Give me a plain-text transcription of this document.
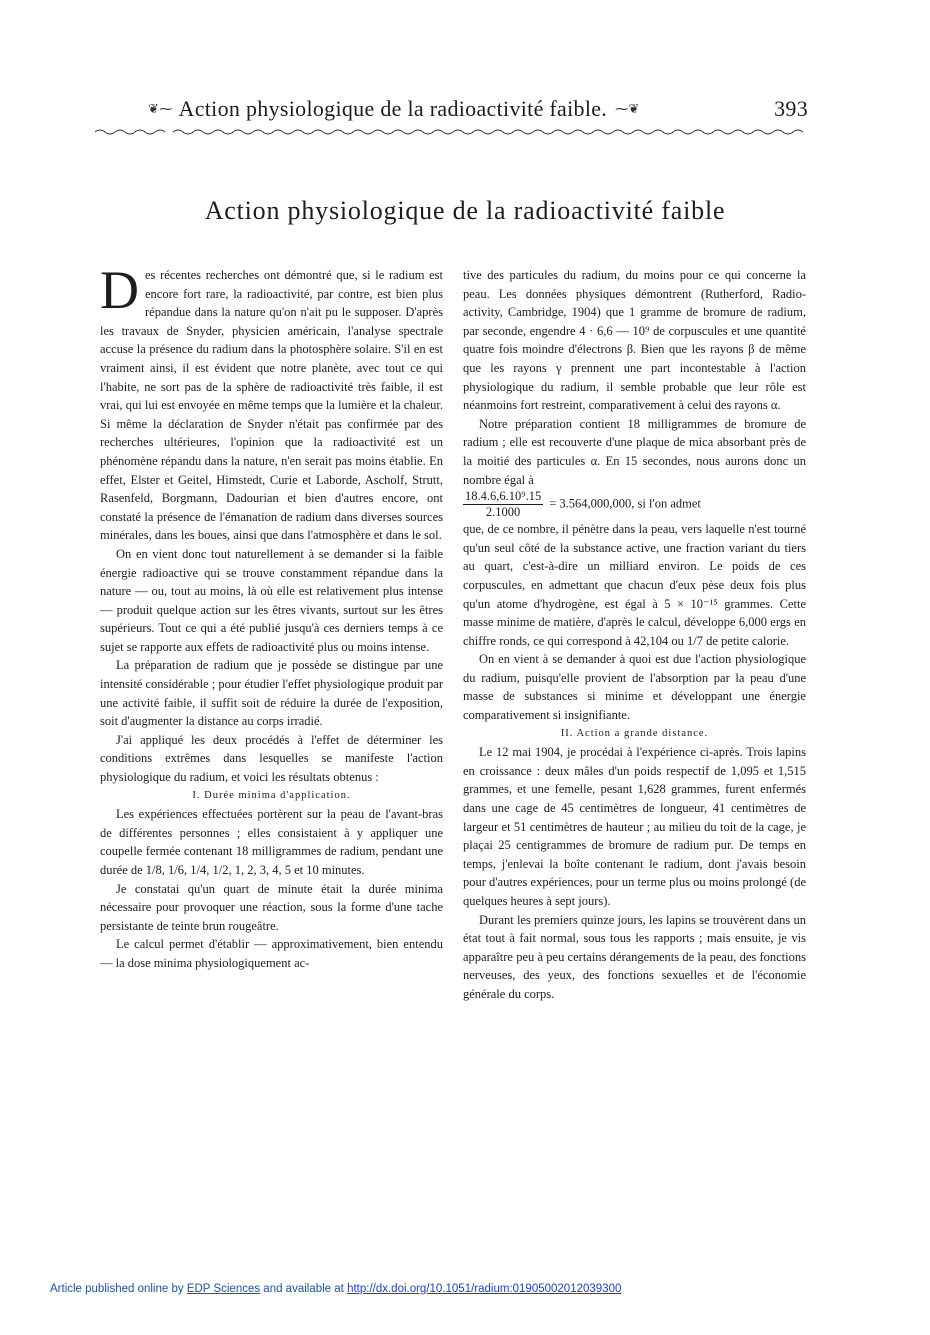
❦⁓ Action physiologique de la radioactivité faible. ⁓❦	393
Action physiologique de la radioactivité faible

Des récentes recherches ont démontré que, si le radium est encore fort rare, la radioactivité, par contre, est bien plus répandue dans la nature qu'on n'ait pu le supposer. D'après les travaux de Snyder, physicien américain, l'analyse spectrale accuse la présence du radium dans la photosphère solaire. S'il en est vraiment ainsi, il est évident que notre planète, avec tout ce qui l'habite, ne sort pas de la sphère de radioactivité très faible, il est vrai, qui lui est envoyée en même temps que la lumière et la chaleur. Si même la déclaration de Snyder n'était pas confirmée par des recherches ultérieures, l'opinion que la radioactivité est un phénomène répandu dans la nature, n'en serait pas moins établie. En effet, Elster et Geitel, Himstedt, Curie et Laborde, Ascholf, Strutt, Rasenfeld, Borgmann, Dadourian et bien d'autres encore, ont constaté la présence de l'émanation de radium dans diverses sources minérales, dans les boues, ainsi que dans l'atmosphère et dans le sol.

On en vient donc tout naturellement à se demander si la faible énergie radioactive qui se trouve constamment répandue dans la nature — ou, tout au moins, là où elle est relativement plus intense — produit quelque action sur les êtres vivants, surtout sur les êtres supérieurs. Tout ce qui a été publié jusqu'à ces derniers temps à ce sujet se rapporte aux effets de radioactivité plus ou moins intense.

La préparation de radium que je possède se distingue par une intensité considérable ; pour étudier l'effet physiologique produit par une activité faible, il suffit soit de réduire la durée de l'exposition, soit d'augmenter la distance au corps irradié.

J'ai appliqué les deux procédés à l'effet de déterminer les conditions extrêmes dans lesquelles se manifeste l'action physiologique du radium, et voici les résultats obtenus :

I. Durée minima d'application.

Les expériences effectuées portèrent sur la peau de l'avant-bras de différentes personnes ; elles consistaient à y appliquer une coupelle fermée contenant 18 milligrammes de radium, pendant une durée de 1/8, 1/6, 1/4, 1/2, 1, 2, 3, 4, 5 et 10 minutes.

Je constatai qu'un quart de minute était la durée minima nécessaire pour provoquer une réaction, sous la forme d'une tache persistante de teinte brun rougeâtre.

Le calcul permet d'établir — approximativement, bien entendu — la dose minima physiologiquement ac-

tive des particules du radium, du moins pour ce qui concerne la peau. Les données physiques démontrent (Rutherford, Radio-activity, Cambridge, 1904) que 1 gramme de bromure de radium, par seconde, engendre 4 · 6,6 — 10⁹ de corpuscules et une quantité quatre fois moindre d'électrons β. Bien que les rayons β de même que les rayons γ prennent une part incontestable à l'action physiologique du radium, il semble probable que leur rôle est néanmoins fort restreint, comparativement à celui des rayons α.

Notre préparation contient 18 milligrammes de bromure de radium ; elle est recouverte d'une plaque de mica absorbant près de la moitié des particules α. En 15 secondes, nous aurons donc un nombre égal à

$\frac{\text{18.4.6,6.10⁹.15}}{2.1000} = 3.564,000,000$, si l'on admet

que, de ce nombre, il pénètre dans la peau, vers laquelle n'est tourné qu'un seul côté de la substance active, une fraction variant du tiers au quart, c'est-à-dire un milliard environ. Le poids de ces corpuscules, en admettant que chacun d'eux pèse deux fois plus qu'un atome d'hydrogène, est égal à 5 × 10⁻¹⁵ grammes. Cette masse minime de matière, d'après le calcul, développe 6,000 ergs en chiffre ronds, ce qui correspond à 42,104 ou 1/7 de petite calorie.

On en vient à se demander à quoi est due l'action physiologique du radium, puisqu'elle provient de l'absorption par la peau d'une masse de substances si minime et développant une énergie comparativement si insignifiante.

II. Action a grande distance.

Le 12 mai 1904, je procédai à l'expérience ci-après. Trois lapins en croissance : deux mâles d'un poids respectif de 1,095 et 1,515 grammes, et une femelle, pesant 1,628 grammes, furent enfermés dans une cage de 45 centimètres de longueur, 41 centimètres de largeur et 51 centimètres de hauteur ; au milieu du toit de la cage, je plaçai 25 centigrammes de bromure de radium pur. De temps en temps, j'enlevai la boîte contenant le radium, dont j'avais besoin pour d'autres expériences, pour un terme plus ou moins prolongé (de quelques heures à sept jours).

Durant les premiers quinze jours, les lapins se trouvèrent dans un état tout à fait normal, sous tous les rapports ; mais ensuite, je vis apparaître peu à peu certains dérangements de la peau, des fonctions nerveuses, des yeux, des fonctions sexuelles et de l'économie générale du corps.

Article published online by EDP Sciences and available at http://dx.doi.org/10.1051/radium:01905002012039300
